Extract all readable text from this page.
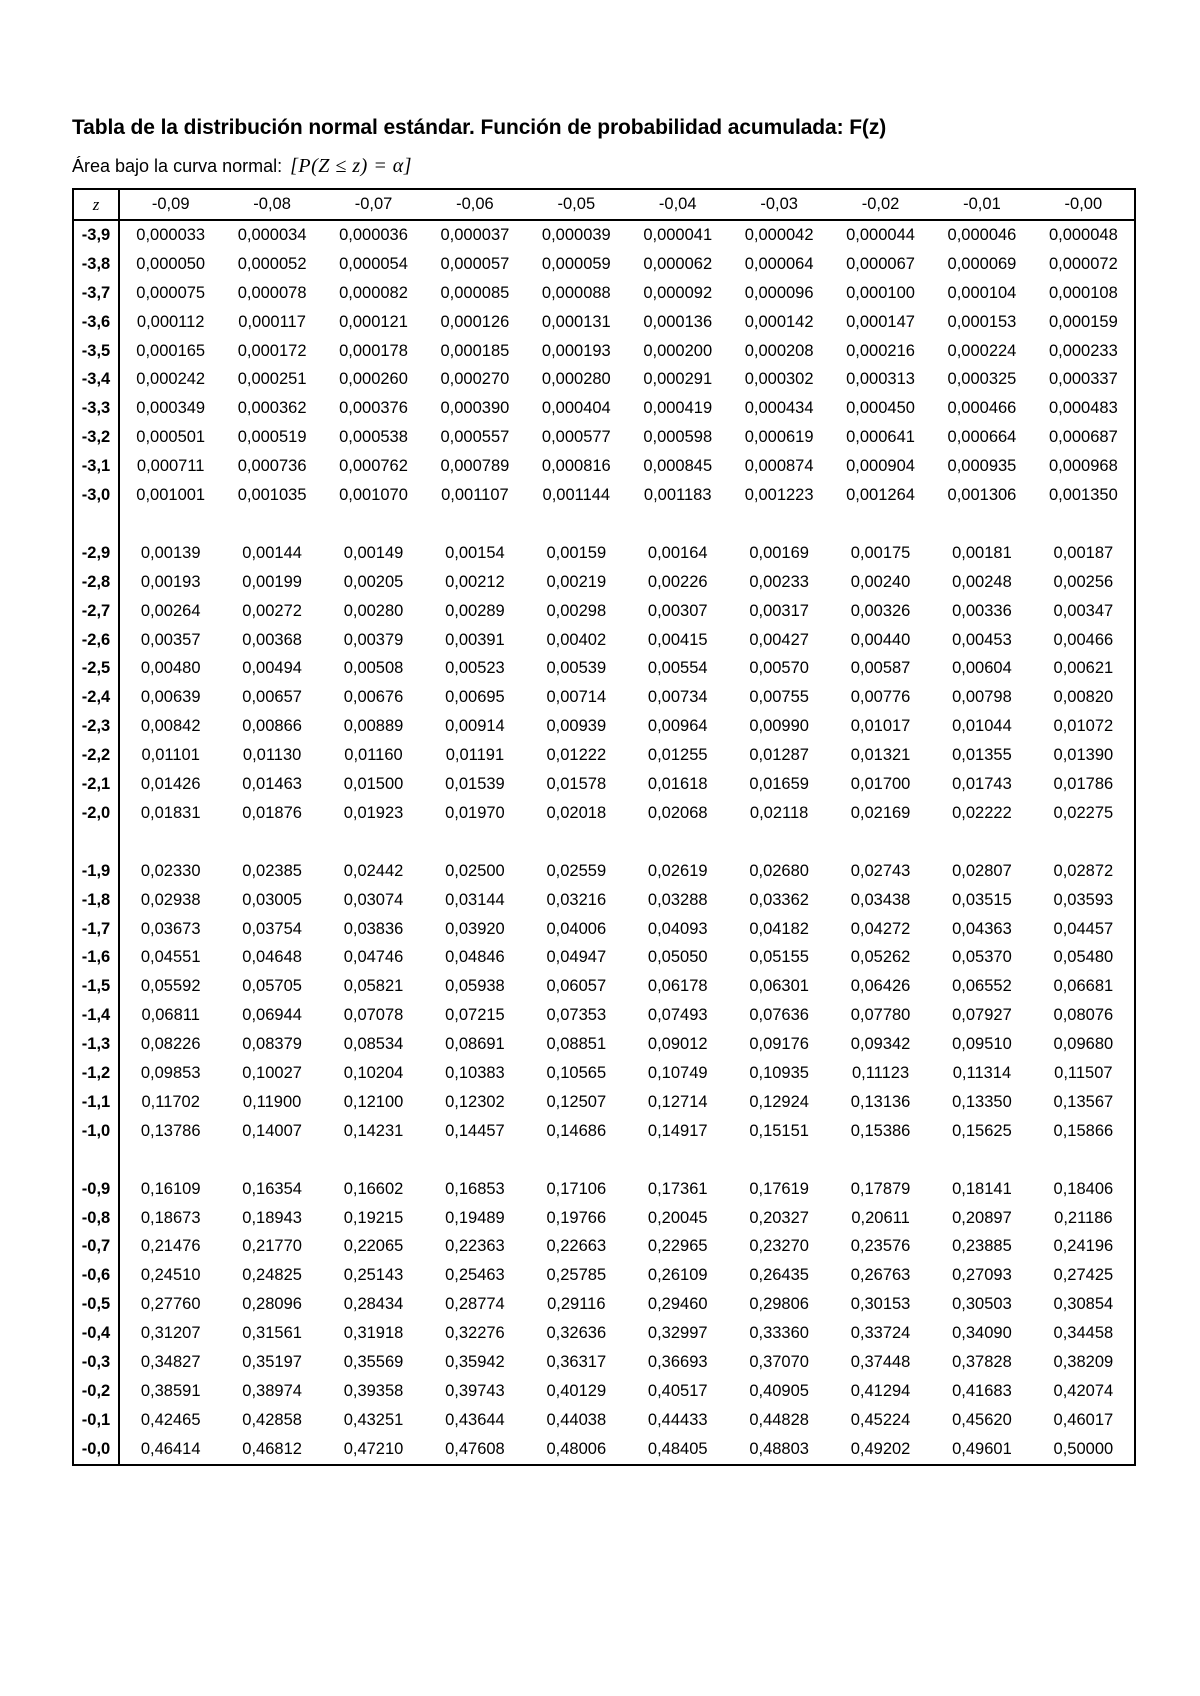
Tabla de la distribución normal estándar. Función de probabilidad acumulada: F(z)
Área bajo la curva normal: [P(Z ≤ z) = α]
z	-0,09	-0,08	-0,07	-0,06	-0,05	-0,04	-0,03	-0,02	-0,01	-0,00
-3,9	0,000033	0,000034	0,000036	0,000037	0,000039	0,000041	0,000042	0,000044	0,000046	0,000048
-3,8	0,000050	0,000052	0,000054	0,000057	0,000059	0,000062	0,000064	0,000067	0,000069	0,000072
-3,7	0,000075	0,000078	0,000082	0,000085	0,000088	0,000092	0,000096	0,000100	0,000104	0,000108
-3,6	0,000112	0,000117	0,000121	0,000126	0,000131	0,000136	0,000142	0,000147	0,000153	0,000159
-3,5	0,000165	0,000172	0,000178	0,000185	0,000193	0,000200	0,000208	0,000216	0,000224	0,000233
-3,4	0,000242	0,000251	0,000260	0,000270	0,000280	0,000291	0,000302	0,000313	0,000325	0,000337
-3,3	0,000349	0,000362	0,000376	0,000390	0,000404	0,000419	0,000434	0,000450	0,000466	0,000483
-3,2	0,000501	0,000519	0,000538	0,000557	0,000577	0,000598	0,000619	0,000641	0,000664	0,000687
-3,1	0,000711	0,000736	0,000762	0,000789	0,000816	0,000845	0,000874	0,000904	0,000935	0,000968
-3,0	0,001001	0,001035	0,001070	0,001107	0,001144	0,001183	0,001223	0,001264	0,001306	0,001350
-2,9	0,00139	0,00144	0,00149	0,00154	0,00159	0,00164	0,00169	0,00175	0,00181	0,00187
-2,8	0,00193	0,00199	0,00205	0,00212	0,00219	0,00226	0,00233	0,00240	0,00248	0,00256
-2,7	0,00264	0,00272	0,00280	0,00289	0,00298	0,00307	0,00317	0,00326	0,00336	0,00347
-2,6	0,00357	0,00368	0,00379	0,00391	0,00402	0,00415	0,00427	0,00440	0,00453	0,00466
-2,5	0,00480	0,00494	0,00508	0,00523	0,00539	0,00554	0,00570	0,00587	0,00604	0,00621
-2,4	0,00639	0,00657	0,00676	0,00695	0,00714	0,00734	0,00755	0,00776	0,00798	0,00820
-2,3	0,00842	0,00866	0,00889	0,00914	0,00939	0,00964	0,00990	0,01017	0,01044	0,01072
-2,2	0,01101	0,01130	0,01160	0,01191	0,01222	0,01255	0,01287	0,01321	0,01355	0,01390
-2,1	0,01426	0,01463	0,01500	0,01539	0,01578	0,01618	0,01659	0,01700	0,01743	0,01786
-2,0	0,01831	0,01876	0,01923	0,01970	0,02018	0,02068	0,02118	0,02169	0,02222	0,02275
-1,9	0,02330	0,02385	0,02442	0,02500	0,02559	0,02619	0,02680	0,02743	0,02807	0,02872
-1,8	0,02938	0,03005	0,03074	0,03144	0,03216	0,03288	0,03362	0,03438	0,03515	0,03593
-1,7	0,03673	0,03754	0,03836	0,03920	0,04006	0,04093	0,04182	0,04272	0,04363	0,04457
-1,6	0,04551	0,04648	0,04746	0,04846	0,04947	0,05050	0,05155	0,05262	0,05370	0,05480
-1,5	0,05592	0,05705	0,05821	0,05938	0,06057	0,06178	0,06301	0,06426	0,06552	0,06681
-1,4	0,06811	0,06944	0,07078	0,07215	0,07353	0,07493	0,07636	0,07780	0,07927	0,08076
-1,3	0,08226	0,08379	0,08534	0,08691	0,08851	0,09012	0,09176	0,09342	0,09510	0,09680
-1,2	0,09853	0,10027	0,10204	0,10383	0,10565	0,10749	0,10935	0,11123	0,11314	0,11507
-1,1	0,11702	0,11900	0,12100	0,12302	0,12507	0,12714	0,12924	0,13136	0,13350	0,13567
-1,0	0,13786	0,14007	0,14231	0,14457	0,14686	0,14917	0,15151	0,15386	0,15625	0,15866
-0,9	0,16109	0,16354	0,16602	0,16853	0,17106	0,17361	0,17619	0,17879	0,18141	0,18406
-0,8	0,18673	0,18943	0,19215	0,19489	0,19766	0,20045	0,20327	0,20611	0,20897	0,21186
-0,7	0,21476	0,21770	0,22065	0,22363	0,22663	0,22965	0,23270	0,23576	0,23885	0,24196
-0,6	0,24510	0,24825	0,25143	0,25463	0,25785	0,26109	0,26435	0,26763	0,27093	0,27425
-0,5	0,27760	0,28096	0,28434	0,28774	0,29116	0,29460	0,29806	0,30153	0,30503	0,30854
-0,4	0,31207	0,31561	0,31918	0,32276	0,32636	0,32997	0,33360	0,33724	0,34090	0,34458
-0,3	0,34827	0,35197	0,35569	0,35942	0,36317	0,36693	0,37070	0,37448	0,37828	0,38209
-0,2	0,38591	0,38974	0,39358	0,39743	0,40129	0,40517	0,40905	0,41294	0,41683	0,42074
-0,1	0,42465	0,42858	0,43251	0,43644	0,44038	0,44433	0,44828	0,45224	0,45620	0,46017
-0,0	0,46414	0,46812	0,47210	0,47608	0,48006	0,48405	0,48803	0,49202	0,49601	0,50000
